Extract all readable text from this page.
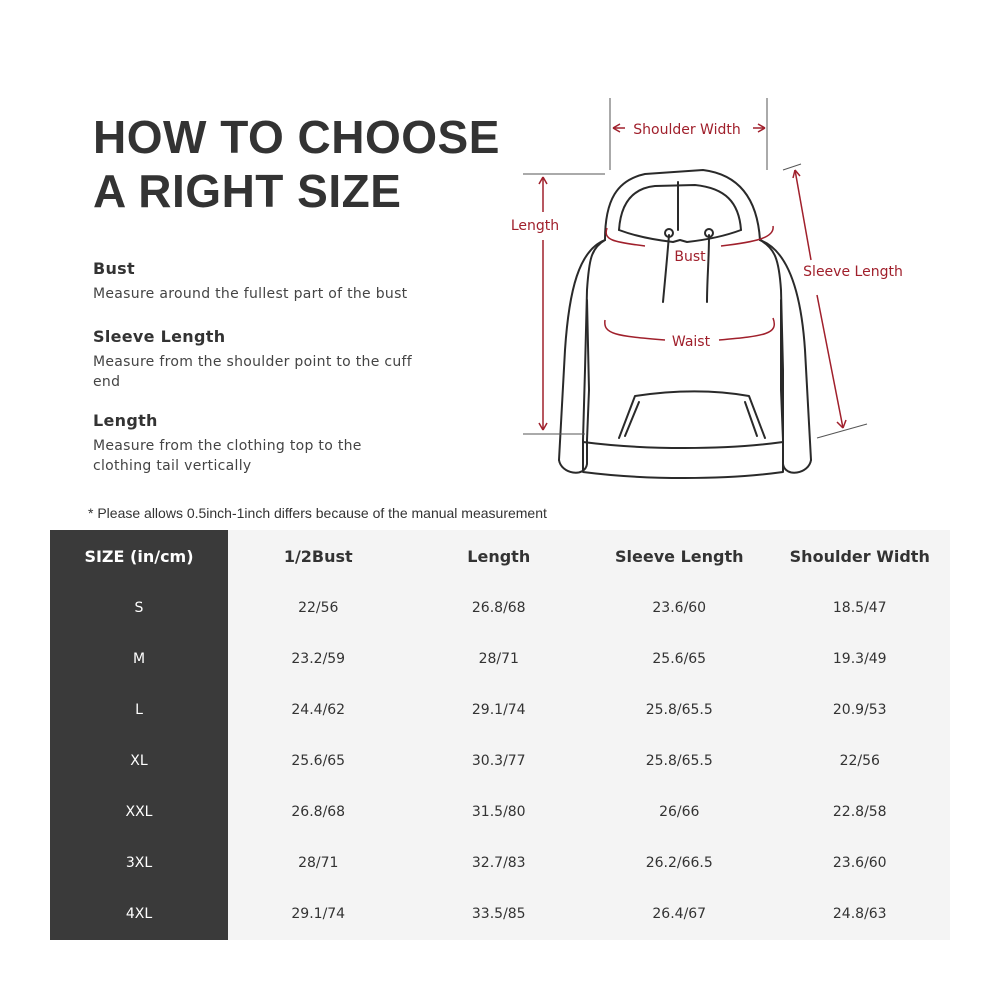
HOW TO CHOOSE
A RIGHT SIZE
Bust

Measure around the fullest part of the bust

Sleeve Length

Measure from the shoulder point to the cuff end

Length

Measure from the clothing top to the clothing tail vertically

Shoulder Width
Length
Bust
Sleeve Length
Waist
* Please allows 0.5inch-1inch differs because of the manual measurement
SIZE (in/cm)	1/2Bust	Length	Sleeve Length	Shoulder Width
S	22/56	26.8/68	23.6/60	18.5/47
M	23.2/59	28/71	25.6/65	19.3/49
L	24.4/62	29.1/74	25.8/65.5	20.9/53
XL	25.6/65	30.3/77	25.8/65.5	22/56
XXL	26.8/68	31.5/80	26/66	22.8/58
3XL	28/71	32.7/83	26.2/66.5	23.6/60
4XL	29.1/74	33.5/85	26.4/67	24.8/63
